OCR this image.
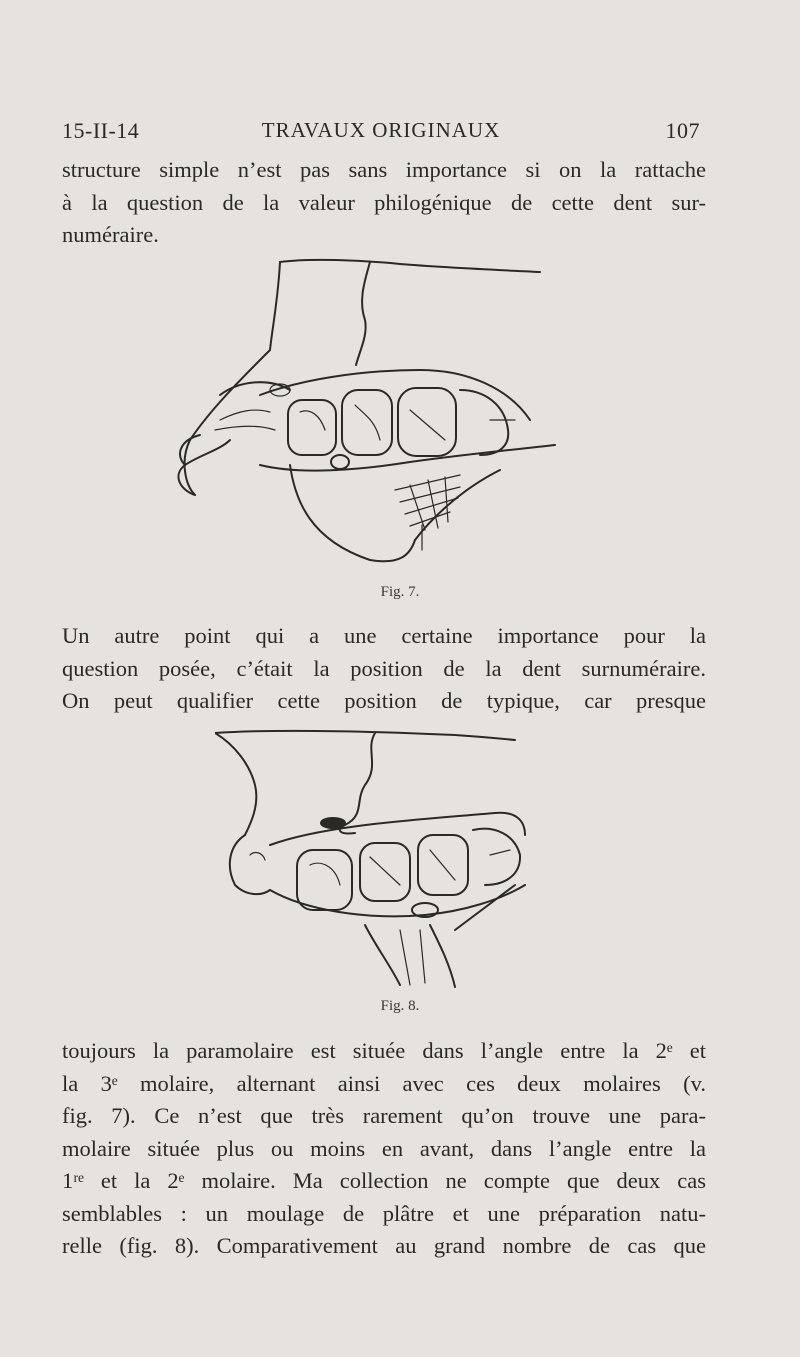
15-II-14	TRAVAUX ORIGINAUX	107
structure simple n’est pas sans importance si on la rattache
à la question de la valeur philogénique de cette dent sur-
numéraire.
Fig. 7.
Un autre point qui a une certaine importance pour la
question posée, c’était la position de la dent surnuméraire.
On peut qualifier cette position de typique, car presque
Fig. 8.
toujours la paramolaire est située dans l’angle entre la 2ᵉ et
la 3ᵉ molaire, alternant ainsi avec ces deux molaires (v.
fig. 7). Ce n’est que très rarement qu’on trouve une para-
molaire située plus ou moins en avant, dans l’angle entre la
1ʳᵉ et la 2ᵉ molaire. Ma collection ne compte que deux cas
semblables : un moulage de plâtre et une préparation natu-
relle (fig. 8). Comparativement au grand nombre de cas que
